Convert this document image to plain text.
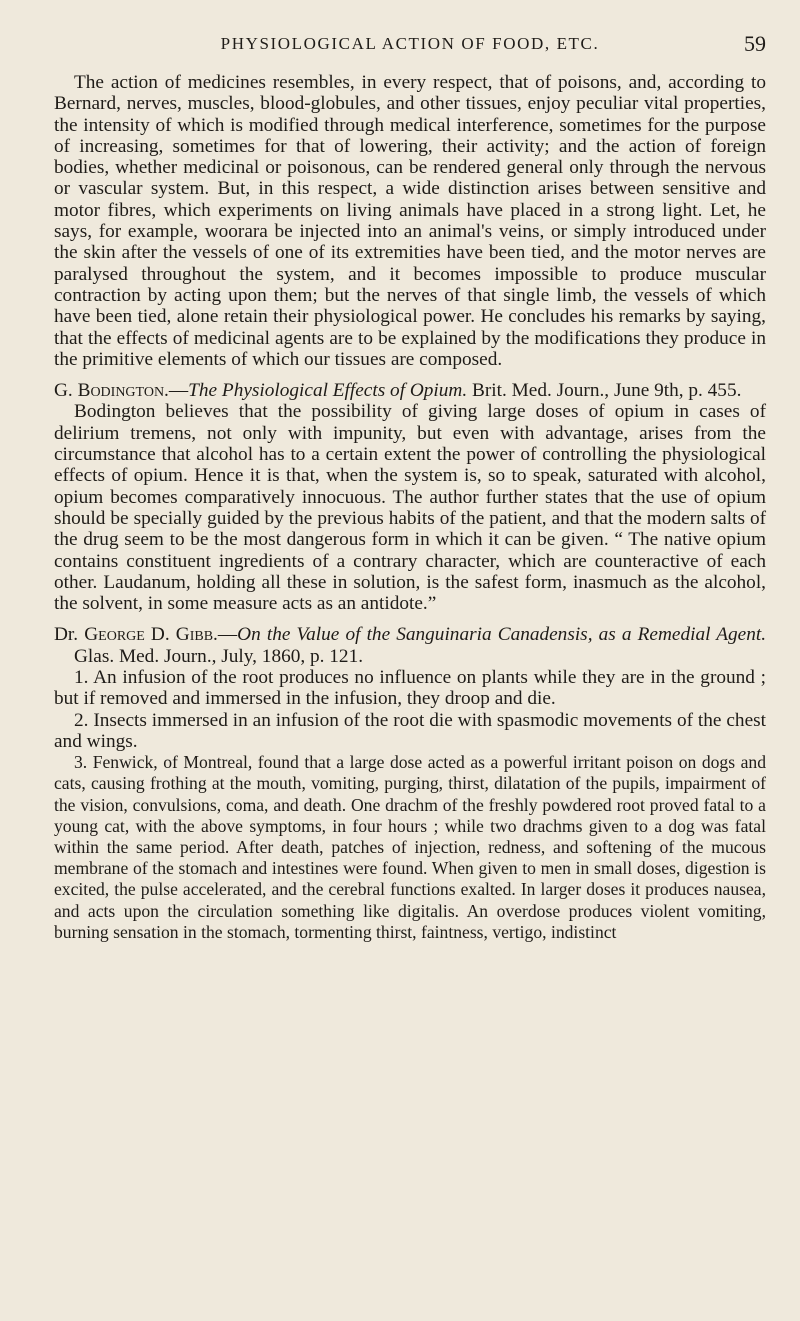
PHYSIOLOGICAL ACTION OF FOOD, ETC.	59

The action of medicines resembles, in every respect, that of poisons, and, according to Bernard, nerves, muscles, blood-globules, and other tissues, enjoy peculiar vital properties, the intensity of which is modified through medical interference, sometimes for the purpose of increasing, sometimes for that of lowering, their activity; and the action of foreign bodies, whether medicinal or poisonous, can be rendered general only through the nervous or vascular system. But, in this respect, a wide distinction arises between sensitive and motor fibres, which experiments on living animals have placed in a strong light. Let, he says, for example, woorara be injected into an animal's veins, or simply introduced under the skin after the vessels of one of its extremities have been tied, and the motor nerves are paralysed throughout the system, and it becomes impossible to produce muscular contraction by acting upon them; but the nerves of that single limb, the vessels of which have been tied, alone retain their physiological power. He concludes his remarks by saying, that the effects of medicinal agents are to be explained by the modifications they produce in the primitive elements of which our tissues are composed.

G. Bodington.—The Physiological Effects of Opium. Brit. Med. Journ., June 9th, p. 455.

Bodington believes that the possibility of giving large doses of opium in cases of delirium tremens, not only with impunity, but even with advantage, arises from the circumstance that alcohol has to a certain extent the power of controlling the physiological effects of opium. Hence it is that, when the system is, so to speak, saturated with alcohol, opium becomes comparatively innocuous. The author further states that the use of opium should be specially guided by the previous habits of the patient, and that the modern salts of the drug seem to be the most dangerous form in which it can be given. “ The native opium contains constituent ingredients of a contrary character, which are counteractive of each other. Laudanum, holding all these in solution, is the safest form, inasmuch as the alcohol, the solvent, in some measure acts as an antidote.”

Dr. George D. Gibb.—On the Value of the Sanguinaria Canadensis, as a Remedial Agent. Glas. Med. Journ., July, 1860, p. 121.

1. An infusion of the root produces no influence on plants while they are in the ground ; but if removed and immersed in the infusion, they droop and die.

2. Insects immersed in an infusion of the root die with spasmodic movements of the chest and wings.

3. Fenwick, of Montreal, found that a large dose acted as a powerful irritant poison on dogs and cats, causing frothing at the mouth, vomiting, purging, thirst, dilatation of the pupils, impairment of the vision, convulsions, coma, and death. One drachm of the freshly powdered root proved fatal to a young cat, with the above symptoms, in four hours ; while two drachms given to a dog was fatal within the same period. After death, patches of injection, redness, and softening of the mucous membrane of the stomach and intestines were found. When given to men in small doses, digestion is excited, the pulse accelerated, and the cerebral functions exalted. In larger doses it produces nausea, and acts upon the circulation something like digitalis. An overdose produces violent vomiting, burning sensation in the stomach, tormenting thirst, faintness, vertigo, indistinct
